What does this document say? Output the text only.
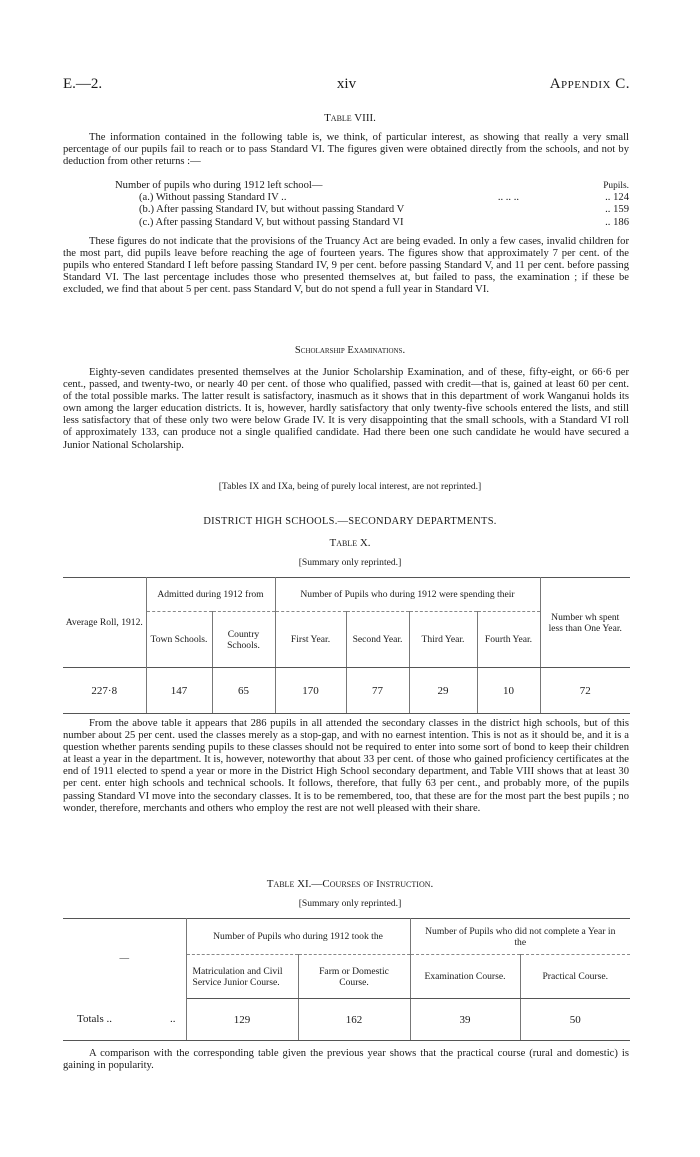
E.—2.	xiv	Appendix C.
Table VIII.
The information contained in the following table is, we think, of particular interest, as showing that really a very small percentage of our pupils fail to reach or to pass Standard VI. The figures given were obtained directly from the schools, and not by deduction from other returns :—
Number of pupils who during 1912 left school—	Pupils.
(a.) Without passing Standard IV ..	.. .. ..	.. 124
(b.) After passing Standard IV, but without passing Standard V	.. 159
(c.) After passing Standard V, but without passing Standard VI	.. 186
These figures do not indicate that the provisions of the Truancy Act are being evaded. In only a few cases, invalid children for the most part, did pupils leave before reaching the age of fourteen years. The figures show that approximately 7 per cent. of the pupils who entered Standard I left before passing Standard IV, 9 per cent. before passing Standard V, and 11 per cent. before passing Standard VI. The last percentage includes those who presented themselves at, but failed to pass, the examination ; if these be excluded, we find that about 5 per cent. pass Standard V, but do not spend a full year in Standard VI.
Scholarship Examinations.
Eighty-seven candidates presented themselves at the Junior Scholarship Examination, and of these, fifty-eight, or 66·6 per cent., passed, and twenty-two, or nearly 40 per cent. of those who qualified, passed with credit—that is, gained at least 60 per cent. of the total possible marks. The latter result is satisfactory, inasmuch as it shows that in this department of work Wanganui holds its own among the larger education districts. It is, however, hardly satisfactory that only twenty-five schools entered the lists, and still less satisfactory that of these only two were below Grade IV. It is very disappointing that the small schools, with a Standard VI roll of approximately 133, can produce not a single qualified candidate. Had there been one such candidate he would have secured a Junior National Scholarship.
[Tables IX and IXa, being of purely local interest, are not reprinted.]
DISTRICT HIGH SCHOOLS.—SECONDARY DEPARTMENTS.
Table X.
[Summary only reprinted.]
Average Roll, 1912.	Admitted during 1912 from		Number of Pupils who during 1912 were spending their				Number wh spent less than One Year.
	Town Schools.	Country Schools.	First Year.	Second Year.	Third Year.	Fourth Year.	
227·8	147	65	170	77	29	10	72
From the above table it appears that 286 pupils in all attended the secondary classes in the district high schools, but of this number about 25 per cent. used the classes merely as a stop-gap, and with no earnest intention. This is not as it should be, and it is a question whether parents sending pupils to these classes should not be required to enter into some sort of bond to keep their children at least a year in the department. It is, however, noteworthy that about 33 per cent. of those who gained proficiency certificates at the end of 1911 elected to spend a year or more in the District High School secondary department, and Table VIII shows that at least 30 per cent. enter high schools and technical schools. It follows, therefore, that fully 63 per cent., and probably more, of the pupils passing Standard VI move into the secondary classes. It is to be remembered, too, that these are for the most part the best pupils ; no wonder, therefore, merchants and others who employ the rest are not well pleased with their share.
Table XI.—Courses of Instruction.
[Summary only reprinted.]
—		Number of Pupils who during 1912 took the		Number of Pupils who did not complete a Year in the	
		Matriculation and Civil Service Junior Course.	Farm or Domestic Course.	Examination Course.	Practical Course.
Totals ..	..	129	162	39	50
A comparison with the corresponding table given the previous year shows that the practical course (rural and domestic) is gaining in popularity.
